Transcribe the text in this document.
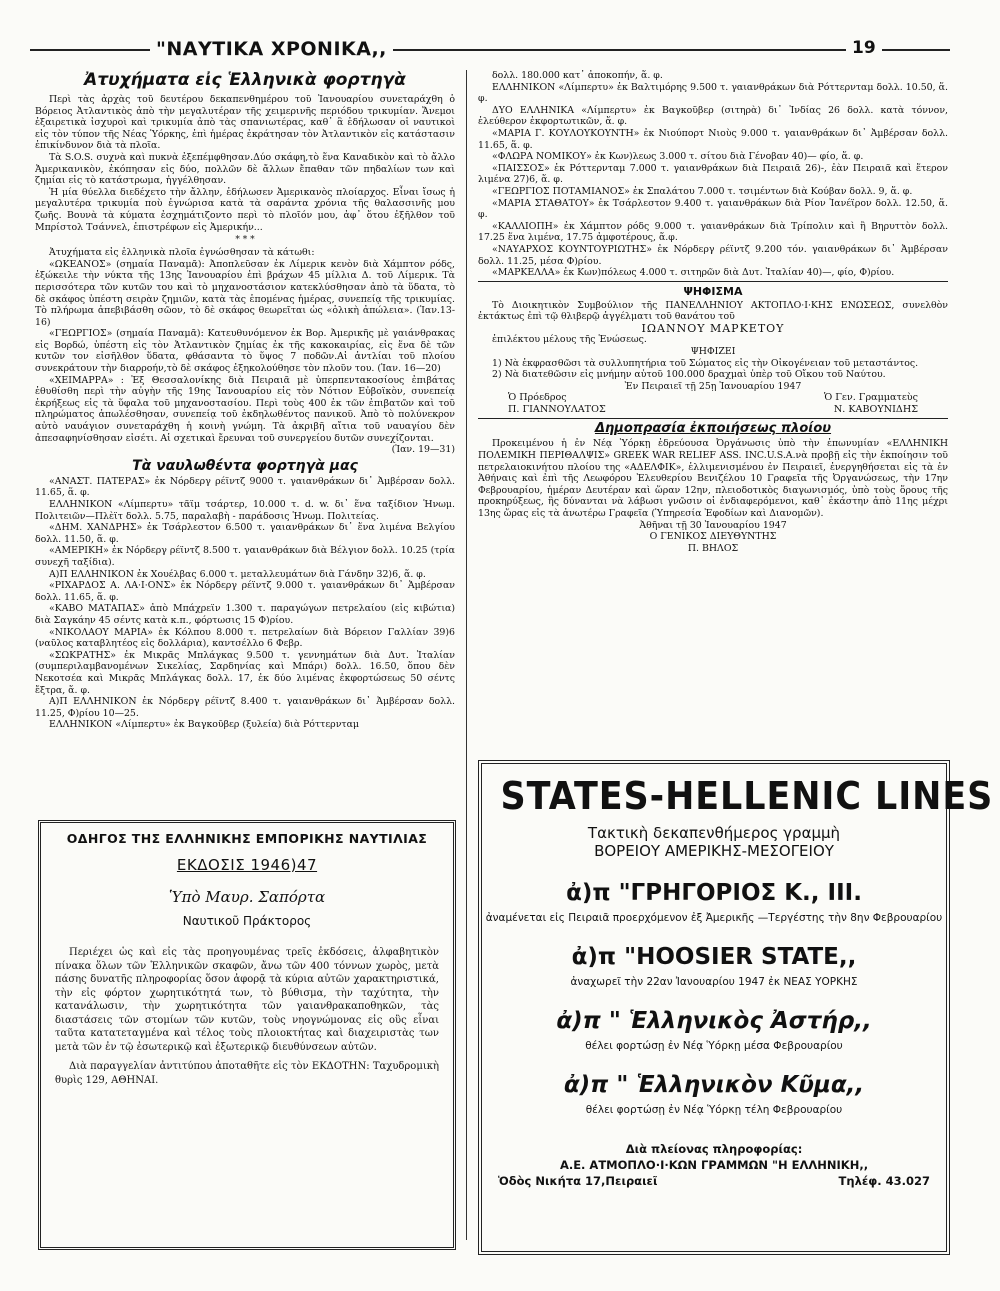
"ΝΑΥΤΙΚΑ ΧΡΟΝΙΚΑ,,	19
Ἀτυχήματα εἰς Ἑλληνικὰ φορτηγὰ

Περὶ τὰς ἀρχὰς τοῦ δευτέρου δεκαπενθημέρου τοῦ Ἰανουαρίου συνεταράχθη ὁ Βόρειος Ἀτλαντικὸς ἀπὸ τὴν μεγαλυτέραν τῆς χειμερινῆς περιόδου τρικυμίαν. Ἄνεμοι ἐξαιρετικὰ ἰσχυροὶ καὶ τρικυμία ἀπὸ τὰς σπανιωτέρας, καθ᾽ ἃ ἐδήλωσαν οἱ ναυτικοὶ εἰς τὸν τύπον τῆς Νέας Ὑόρκης, ἐπὶ ἡμέρας ἐκράτησαν τὸν Ἀτλαντικὸν εἰς κατάστασιν ἐπικίνδυνον διὰ τὰ πλοῖα.

Τὰ S.O.S. συχνὰ καὶ πυκνὰ ἐξεπέμφθησαν.Δύο σκάφη,τὸ ἕνα Καναδικὸν καὶ τὸ ἄλλο Ἀμερικανικὸν, ἐκόπησαν εἰς δύο, πολλῶν δὲ ἄλλων ἔπαθαν τῶν πηδαλίων των καὶ ζημίαι εἰς τὸ κατάστρωμα, ἠγγέλθησαν.

Ἡ μία θύελλα διεδέχετο τὴν ἄλλην, ἐδήλωσεν Ἀμερικανὸς πλοίαρχος. Εἶναι ἴσως ἡ μεγαλυτέρα τρικυμία ποὺ ἐγνώρισα κατὰ τὰ σαράντα χρόνια τῆς θαλασσινῆς μου ζωῆς. Βουνὰ τὰ κύματα ἐσχημάτιζοντο περὶ τὸ πλοῖόν μου, ἀφ᾽ ὅτου ἐξῆλθον τοῦ Μπρίστολ Τσάννελ, ἐπιστρέφων εἰς Ἀμερικήν...

* * *

Ἀτυχήματα εἰς ἑλληνικὰ πλοῖα ἐγνώσθησαν τὰ κάτωθι:

«ΩΚΕΑΝΟΣ» (σημαία Παναμᾶ): Ἀποπλεῦσαν ἐκ Λίμερικ κενὸν διὰ Χάμπτον ρόδς, ἐξώκειλε τὴν νύκτα τῆς 13ης Ἰανουαρίου ἐπὶ βράχων 45 μίλλια Δ. τοῦ Λίμερικ. Τὰ περισσότερα τῶν κυτῶν του καὶ τὸ μηχανοστάσιον κατεκλύσθησαν ἀπὸ τὰ ὕδατα, τὸ δὲ σκάφος ὑπέστη σειρὰν ζημιῶν, κατὰ τὰς ἑπομένας ἡμέρας, συνεπείᾳ τῆς τρικυμίας. Τὸ πλήρωμα ἀπεβιβάσθη σῶον, τὸ δὲ σκάφος θεωρεῖται ὡς «ὁλικὴ ἀπώλεια». (Ἰαν.13-16)

«ΓΕΩΡΓΙΟΣ» (σημαία Παναμᾶ): Κατευθυνόμενον ἐκ Βορ. Ἀμερικῆς μὲ γαιάνθρακας εἰς Βορδώ, ὑπέστη εἰς τὸν Ἀτλαντικὸν ζημίας ἐκ τῆς κακοκαιρίας, εἰς ἕνα δὲ τῶν κυτῶν τον εἰσῆλθον ὕδατα, φθάσαντα τὸ ὕψος 7 ποδῶν.Αἱ ἀντλίαι τοῦ πλοίου συνεκράτουν τὴν διαρροήν,τὸ δὲ σκάφος ἐξηκολούθησε τὸν πλοῦν του. (Ἰαν. 16—20)

«ΧΕΙΜΑΡΡΑ» : Ἐξ Θεσσαλονίκης διὰ Πειραιᾶ μὲ ὑπερπεντακοσίους ἐπιβάτας ἐθυθίσθη περὶ τὴν αὐγὴν τῆς 19ης Ἰανουαρίου εἰς τὸν Νότιον Εὐβοϊκὸν, συνεπείᾳ ἐκρήξεως εἰς τὰ ὕφαλα τοῦ μηχανοστασίου. Περὶ τοὺς 400 ἐκ τῶν ἐπιβατῶν καὶ τοῦ πληρώματος ἀπωλέσθησαν, συνεπείᾳ τοῦ ἐκδηλωθέντος πανικοῦ. Ἀπὸ τὸ πολύνεκρον αὐτὸ ναυάγιον συνεταράχθη ἡ κοινὴ γνώμη. Τὰ ἀκριβῆ αἴτια τοῦ ναυαγίου δὲν ἀπεσαφηνίσθησαν εἰσέτι. Αἱ σχετικαὶ ἔρευναι τοῦ συνεργείου δυτῶν συνεχίζονται.

(Ἰαν. 19—31)

Τὰ ναυλωθέντα φορτηγὰ μας

«ΑΝΑΣΤ. ΠΑΤΕΡΑΣ» ἐκ Νόρδεργ ρέϊντζ 9000 τ. γαιανθράκων δι᾽ Ἀμβέρσαν δολλ. 11.65, ἅ. φ.

ΕΛΛΗΝΙΚΟΝ «Λίμπερτυ» τᾶϊμ τσάρτερ, 10.000 τ. d. w. δι᾽ ἕνα ταξίδιον Ἡνωμ. Πολιτειῶν—Πλὲϊτ δολλ. 5.75, παραλαβὴ - παράδοσις Ἡνωμ. Πολιτείας.

«ΔΗΜ. ΧΑΝΔΡΗΣ» ἐκ Τσάρλεστον 6.500 τ. γαιανθράκων δι᾽ ἕνα λιμένα Βελγίου δολλ. 11.50, ἅ. φ.

«ΑΜΕΡΙΚΗ» ἐκ Νόρδεργ ρέϊντζ 8.500 τ. γαιανθράκων διὰ Βέλγιον δολλ. 10.25 (τρία συνεχῆ ταξίδια).

Α)Π ΕΛΛΗΝΙΚΟΝ ἐκ Χουέλβας 6.000 τ. μεταλλευμάτων διὰ Γάνδην 32)6, ἅ. φ.

«ΡΙΧΑΡΔΟΣ Α. ΛΑ·Ι·ΟΝΣ» ἐκ Νόρδεργ ρέϊντζ 9.000 τ. γαιανθράκων δι᾽ Ἀμβέρσαν δολλ. 11.65, ἅ. φ.

«ΚΑΒΟ ΜΑΤΑΠΑΣ» ἀπὸ Μπάχρεϊν 1.300 τ. παραγώγων πετρελαίου (εἰς κιβώτια) διὰ Σαγκάην 45 σέντς κατὰ κ.π., φόρτωσις 15 Φ)ρίου.

«ΝΙΚΟΛΑΟΥ ΜΑΡΙΑ» ἐκ Κόλπου 8.000 τ. πετρελαίων διὰ Βόρειον Γαλλίαν 39)6 (ναῦλος καταβλητέος εἰς δολλάρια), καντσέλλο 6 Φεβρ.

«ΣΩΚΡΑΤΗΣ» ἐκ Μικρᾶς Μπλάγκας 9.500 τ. γεννημάτων διὰ Δυτ. Ἰταλίαν (συμπεριλαμβανομένων Σικελίας, Σαρδηνίας καὶ Μπάρι) δολλ. 16.50, ὅπου δὲν Νεκοτσέα καὶ Μικρᾶς Μπλάγκας δολλ. 17, ἐκ δύο λιμένας ἐκφορτώσεως 50 σέντς ἔξτρα, ἅ. φ.

Α)Π ΕΛΛΗΝΙΚΟΝ ἐκ Νόρδεργ ρέϊντζ 8.400 τ. γαιανθράκων δι᾽ Ἀμβέρσαν δολλ. 11.25, Φ)ρίου 10—25.

ΕΛΛΗΝΙΚΟΝ «Λίμπερτυ» ἐκ Βαγκοῦβερ (ξυλεία) διὰ Ρόττερνταμ

ΟΔΗΓΟΣ ΤΗΣ ΕΛΛΗΝΙΚΗΣ ΕΜΠΟΡΙΚΗΣ ΝΑΥΤΙΛΙΑΣ
ΕΚΔΟΣΙΣ 1946)47
Ὑπὸ Μαυρ. Σαπόρτα
Ναυτικοῦ Πράκτορος

Περιέχει ὡς καὶ εἰς τὰς προηγουμένας τρεῖς ἐκδόσεις, ἀλφαβητικὸν πίνακα ὅλων τῶν Ἑλληνικῶν σκαφῶν, ἄνω τῶν 400 τόννων χωρὸς, μετὰ πάσης δυνατῆς πληροφορίας ὅσον ἀφορᾷ τὰ κύρια αὐτῶν χαρακτηριστικά, τὴν εἰς φόρτον χωρητικότητά των, τὸ βύθισμα, τὴν ταχύτητα, τὴν κατανάλωσιν, τὴν χωρητικότητα τῶν γαιανθρακαποθηκῶν, τὰς διαστάσεις τῶν στομίων τῶν κυτῶν, τοὺς νηογνώμονας εἰς οὓς εἶναι ταῦτα κατατεταγμένα καὶ τέλος τοὺς πλοιοκτήτας καὶ διαχειριστὰς των μετὰ τῶν ἐν τῷ ἐσωτερικῷ καὶ ἐξωτερικῷ διευθύνσεων αὐτῶν.

Διὰ παραγγελίαν ἀντιτύπου ἀποταθῆτε εἰς τὸν ΕΚΔΟΤΗΝ: Ταχυδρομικὴ θυρὶς 129, ΑΘΗΝΑΙ.

δολλ. 180.000 κατ᾽ ἀποκοπήν, ἅ. φ.

ΕΛΛΗΝΙΚΟΝ «Λίμπερτυ» ἐκ Βαλτιμόρης 9.500 τ. γαιανθράκων διὰ Ρόττερνταμ δολλ. 10.50, ἅ. φ.

ΔΥΟ ΕΛΛΗΝΙΚΑ «Λίμπερτυ» ἐκ Βαγκοῦβερ (σιτηρὰ) δι᾽ Ἰνδίας 26 δολλ. κατὰ τόννον, ἐλεύθερον ἐκφορτωτικῶν, ἅ. φ.

«ΜΑΡΙΑ Γ. ΚΟΥΛΟΥΚΟΥΝΤΗ» ἐκ Νιούπορτ Νιοὺς 9.000 τ. γαιανθράκων δι᾽ Ἀμβέρσαν δολλ. 11.65, ἅ. φ.

«ΦΛΩΡΑ ΝΟΜΙΚΟΥ» ἐκ Κων)λεως 3.000 τ. σίτου διὰ Γένοβαν 40)— φίο, ἅ. φ.

«ΠΑΙΣΣΟΣ» ἐκ Ρόττερνταμ 7.000 τ. γαιανθράκων διὰ Πειραιᾶ 26)-, ἐὰν Πειραιᾶ καὶ ἕτερον λιμένα 27)6, ἅ. φ.

«ΓΕΩΡΓΙΟΣ ΠΟΤΑΜΙΑΝΟΣ» ἐκ Σπαλάτου 7.000 τ. τσιμέντων διὰ Κούβαν δολλ. 9, ἅ. φ.

«ΜΑΡΙΑ ΣΤΑΘΑΤΟΥ» ἐκ Τσάρλεστον 9.400 τ. γαιανθράκων διὰ Ρίον Ἰανέϊρον δολλ. 12.50, ἅ. φ.

«ΚΑΛΛΙΟΠΗ» ἐκ Χάμπτον ρόδς 9.000 τ. γαιανθράκων διὰ Τρίπολιν καὶ ἢ Βηρυττὸν δολλ. 17.25 ἕνα λιμένα, 17.75 ἀμφοτέρους, ἅ.φ.

«ΝΑΥΑΡΧΟΣ ΚΟΥΝΤΟΥΡΙΩΤΗΣ» ἐκ Νόρδεργ ρέϊντζ 9.200 τόν. γαιανθράκων δι᾽ Ἀμβέρσαν δολλ. 11.25, μέσα Φ)ρίου.

«ΜΑΡΚΕΛΛΑ» ἐκ Κων)πόλεως 4.000 τ. σιτηρῶν διὰ Δυτ. Ἰταλίαν 40)—, φίο, Φ)ρίου.

ΨΗΦΙΣΜΑ

Τὸ Διοικητικὸν Συμβούλιον τῆς ΠΑΝΕΛΛΗΝΙΟΥ ΑΚΤΟΠΛΟ·Ι·ΚΗΣ ΕΝΩΣΕΩΣ, συνελθὸν ἐκτάκτως ἐπὶ τῷ θλιβερῷ ἀγγέλματι τοῦ θανάτου τοῦ

ΙΩΑΝΝΟΥ ΜΑΡΚΕΤΟΥ

ἐπιλέκτου μέλους τῆς Ἑνώσεως.

ΨΗΦΙΖΕΙ

1) Νὰ ἐκφρασθῶσι τὰ συλλυπητήρια τοῦ Σώματος εἰς τὴν Οἰκογένειαν τοῦ μεταστάντος.

2) Νὰ διατεθῶσιν εἰς μνήμην αὐτοῦ 100.000 δραχμαὶ ὑπὲρ τοῦ Οἴκου τοῦ Ναύτου.

Ἐν Πειραιεῖ τῇ 25ῃ Ἰανουαρίου 1947

Ὁ Πρόεδρος	Ὁ Γεν. Γραμματεὺς
Π. ΓΙΑΝΝΟΥΛΑΤΟΣ	Ν. ΚΑΒΟΥΝΙΔΗΣ
Δημοπρασία ἐκποιήσεως πλοίου

Προκειμένου ἡ ἐν Νέᾳ Ὑόρκῃ ἑδρεύουσα Ὀργάνωσις ὑπὸ τὴν ἐπωνυμίαν «ΕΛΛΗΝΙΚΗ ΠΟΛΕΜΙΚΗ ΠΕΡΙΘΑΛΨΙΣ» GREEK WAR RELIEF ASS. INC.U.S.A.νὰ προβῇ εἰς τὴν ἐκποίησιν τοῦ πετρελαιοκινήτου πλοίου της «ΑΔΕΛΦΙΚ», ἑλλιμενισμένου ἐν Πειραιεῖ, ἐνεργηθήσεται εἰς τὰ ἐν Ἀθήναις καὶ ἐπὶ τῆς Λεωφόρου Ἐλευθερίου Βενιζέλου 10 Γραφεῖα τῆς Ὀργανώσεως, τὴν 17ην Φεβρουαρίου, ἡμέραν Δευτέραν καὶ ὥραν 12ην, πλειοδοτικὸς διαγωνισμός, ὑπὸ τοὺς ὅρους τῆς προκηρύξεως, ἣς δύνανται νὰ λάβωσι γνῶσιν οἱ ἐνδιαφερόμενοι, καθ᾽ ἑκάστην ἀπὸ 11ης μέχρι 13ης ὥρας εἰς τὰ ἀνωτέρω Γραφεῖα (Ὑπηρεσία Ἐφοδίων καὶ Διανομῶν).

Ἀθῆναι τῇ 30 Ἰανουαρίου 1947

Ο ΓΕΝΙΚΟΣ ΔΙΕΥΘΥΝΤΗΣ

Π. ΒΗΛΟΣ

STATES-HELLENIC LINES
Τακτικὴ δεκαπενθήμερος γραμμὴ
ΒΟΡΕΙΟΥ ΑΜΕΡΙΚΗΣ-ΜΕΣΟΓΕΙΟΥ
ἀ)π "ΓΡΗΓΟΡΙΟΣ Κ., ΙΙΙ.
ἀναμένεται εἰς Πειραιᾶ προερχόμενον ἐξ Ἀμερικῆς —Τεργέστης τὴν 8ην Φεβρουαρίου
ἀ)π "HOOSIER STATE,,
ἀναχωρεῖ τὴν 22αν Ἰανουαρίου 1947 ἐκ ΝΕΑΣ ΥΟΡΚΗΣ
ἀ)π " Ἑλληνικὸς Ἀστήρ,,
θέλει φορτώσῃ ἐν Νέᾳ Ὑόρκῃ μέσα Φεβρουαρίου
ἀ)π " Ἑλληνικὸν Κῦμα,,
θέλει φορτώσῃ ἐν Νέᾳ Ὑόρκῃ τέλη Φεβρουαρίου
Διὰ πλείονας πληροφορίας:
Α.Ε. ΑΤΜΟΠΛΟ·Ι·ΚΩΝ ΓΡΑΜΜΩΝ "Η ΕΛΛΗΝΙΚΗ,,
Ὁδὸς Νικήτα 17,Πειραιεῖ	Τηλέφ. 43.027
